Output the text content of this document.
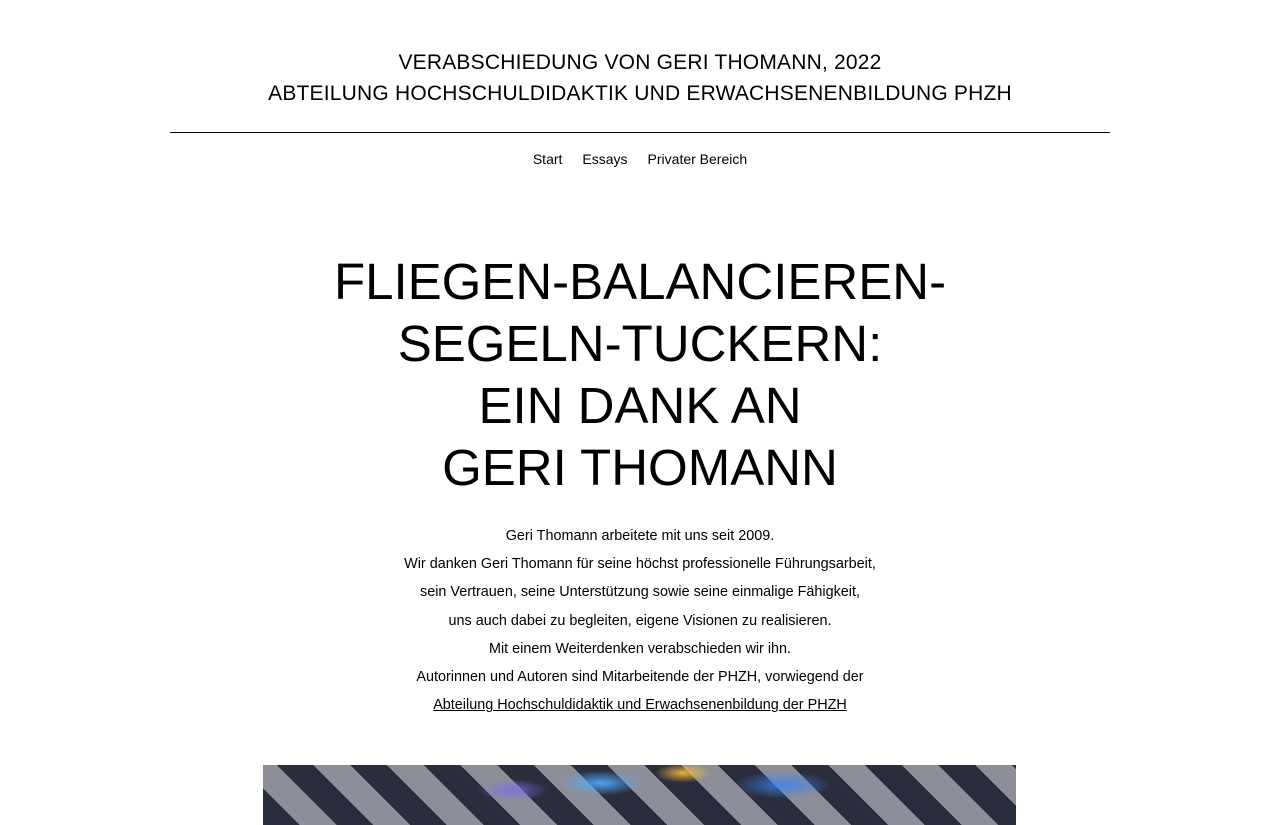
VERABSCHIEDUNG VON GERI THOMANN, 2022
ABTEILUNG HOCHSCHULDIDAKTIK UND ERWACHSENENBILDUNG PHZH
Start Essays Privater Bereich
FLIEGEN-BALANCIEREN-
SEGELN-TUCKERN:
EIN DANK AN
GERI THOMANN

Geri Thomann arbeitete mit uns seit 2009.

Wir danken Geri Thomann für seine höchst professionelle Führungsarbeit,

sein Vertrauen, seine Unterstützung sowie seine einmalige Fähigkeit,

uns auch dabei zu begleiten, eigene Visionen zu realisieren.

Mit einem Weiterdenken verabschieden wir ihn.

Autorinnen und Autoren sind Mitarbeitende der PHZH, vorwiegend der

Abteilung Hochschuldidaktik und Erwachsenenbildung der PHZH
